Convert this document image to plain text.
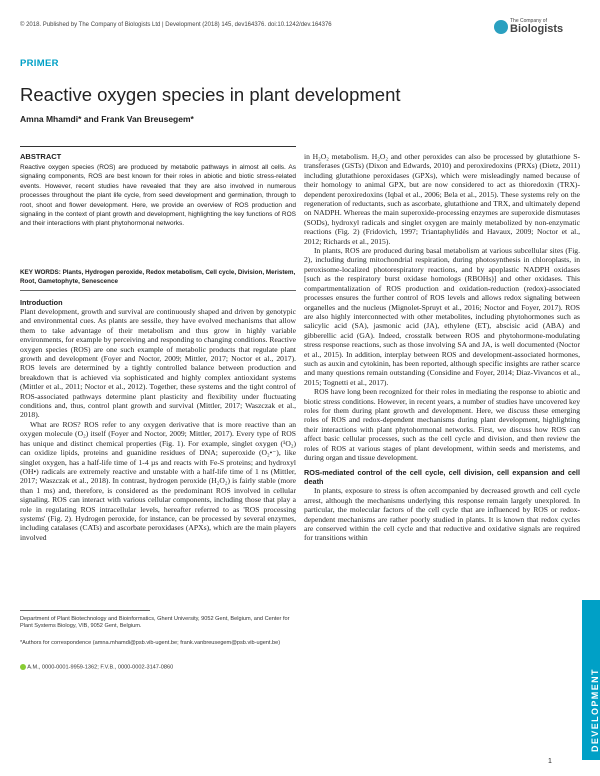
© 2018. Published by The Company of Biologists Ltd | Development (2018) 145, dev164376. doi:10.1242/dev.164376
The Company of
Biologists
PRIMER
Reactive oxygen species in plant development
Amna Mhamdi* and Frank Van Breusegem*
ABSTRACT

Reactive oxygen species (ROS) are produced by metabolic pathways in almost all cells. As signaling components, ROS are best known for their roles in abiotic and biotic stress-related events. However, recent studies have revealed that they are also involved in numerous processes throughout the plant life cycle, from seed development and germination, through to root, shoot and flower development. Here, we provide an overview of ROS production and signaling in the context of plant growth and development, highlighting the key functions of ROS and their interactions with plant phytohormonal networks.

KEY WORDS: Plants, Hydrogen peroxide, Redox metabolism, Cell cycle, Division, Meristem, Root, Gametophyte, Senescence

Introduction

Plant development, growth and survival are continuously shaped and driven by genotypic and environmental cues. As plants are sessile, they have evolved mechanisms that allow them to take advantage of their metabolism and thus grow in highly variable environments, for example by perceiving and responding to changing conditions. Reactive oxygen species (ROS) are one such example of metabolic products that regulate plant growth and development (Foyer and Noctor, 2009; Mittler, 2017; Noctor et al., 2017). ROS levels are determined by a tightly controlled balance between production and breakdown that is achieved via sophisticated and highly complex antioxidant systems (Mittler et al., 2011; Noctor et al., 2012). Together, these systems and the tight control of ROS-associated pathways determine plant plasticity and flexibility under fluctuating conditions and, thus, control plant growth and survival (Mittler, 2017; Waszczak et al., 2018).

What are ROS? ROS refer to any oxygen derivative that is more reactive than an oxygen molecule (O₂) itself (Foyer and Noctor, 2009; Mittler, 2017). Every type of ROS has unique and distinct chemical properties (Fig. 1). For example, singlet oxygen (¹O₂) can oxidize lipids, proteins and guanidine residues of DNA; superoxide (O₂•⁻), like singlet oxygen, has a half-life time of 1-4 µs and reacts with Fe-S proteins; and hydroxyl (OH•) radicals are extremely reactive and unstable with a half-life time of 1 ns (Mittler, 2017; Waszczak et al., 2018). In contrast, hydrogen peroxide (H₂O₂) is fairly stable (more than 1 ms) and, therefore, is considered as the predominant ROS involved in cellular signaling. ROS can interact with various cellular components, including those that play a role in regulating ROS intracellular levels, hereafter referred to as 'ROS processing systems' (Fig. 2). Hydrogen peroxide, for instance, can be processed by several enzymes, including catalases (CATs) and ascorbate peroxidases (APXs), which are the main players involved

Department of Plant Biotechnology and Bioinformatics, Ghent University, 9052 Gent, Belgium, and Center for Plant Systems Biology, VIB, 9052 Gent, Belgium.

*Authors for correspondence (amna.mhamdi@psb.vib-ugent.be; frank.vanbreusegem@psb.vib-ugent.be)

A.M., 0000-0001-9959-1362; F.V.B., 0000-0002-3147-0860

in H₂O₂ metabolism. H₂O₂ and other peroxides can also be processed by glutathione S-transferases (GSTs) (Dixon and Edwards, 2010) and peroxiredoxins (PRXs) (Dietz, 2011) including glutathione peroxidases (GPXs), which were misleadingly named because of their homology to animal GPX, but are now considered to act as thioredoxin (TRX)-dependent peroxiredoxins (Iqbal et al., 2006; Bela et al., 2015). These systems rely on the regeneration of reductants, such as ascorbate, glutathione and TRX, and ultimately depend on NADPH. Whereas the main superoxide-processing enzymes are superoxide dismutases (SODs), hydroxyl radicals and singlet oxygen are mainly metabolized by non-enzymatic reactions (Fig. 2) (Fridovich, 1997; Triantaphylidès and Havaux, 2009; Noctor et al., 2012; Richards et al., 2015).

In plants, ROS are produced during basal metabolism at various subcellular sites (Fig. 2), including during mitochondrial respiration, during photosynthesis in chloroplasts, in peroxisome-localized photorespiratory reactions, and by apoplastic NADPH oxidases [such as the respiratory burst oxidase homologs (RBOHs)] and other oxidases. This compartmentalization of ROS production and oxidation-reduction (redox)-associated processes ensures the further control of ROS levels and allows redox signaling between organelles and the nucleus (Mignolet-Spruyt et al., 2016; Noctor and Foyer, 2017). ROS are also highly interconnected with other metabolites, including phytohormones such as salicylic acid (SA), jasmonic acid (JA), ethylene (ET), abscisic acid (ABA) and gibberellic acid (GA). Indeed, crosstalk between ROS and phytohormone-modulating stress response reactions, such as those involving SA and JA, is well documented (Noctor et al., 2015). In addition, interplay between ROS and development-associated hormones, such as auxin and cytokinin, has been reported, although specific insights are rather scarce and many questions remain outstanding (Considine and Foyer, 2014; Diaz-Vivancos et al., 2015; Tognetti et al., 2017).

ROS have long been recognized for their roles in mediating the response to abiotic and biotic stress conditions. However, in recent years, a number of studies have uncovered key roles for them during plant growth and development. Here, we discuss these emerging roles of ROS and redox-dependent mechanisms during plant development, highlighting their interactions with plant phytohormonal networks. First, we discuss how ROS can affect basic cellular processes, such as the cell cycle and division, and then review the roles of ROS at various stages of plant development, within seeds and meristems, and during organ and tissue development.

ROS-mediated control of the cell cycle, cell division, cell expansion and cell death

In plants, exposure to stress is often accompanied by decreased growth and cell cycle arrest, although the mechanisms underlying this response remain largely unexplored. In particular, the molecular factors of the cell cycle that are influenced by ROS or redox-dependent mechanisms are rather poorly studied in plants. It is known that redox cycles are conserved within the cell cycle and that reductive and oxidative signals are required for transitions within

DEVELOPMENT
1
